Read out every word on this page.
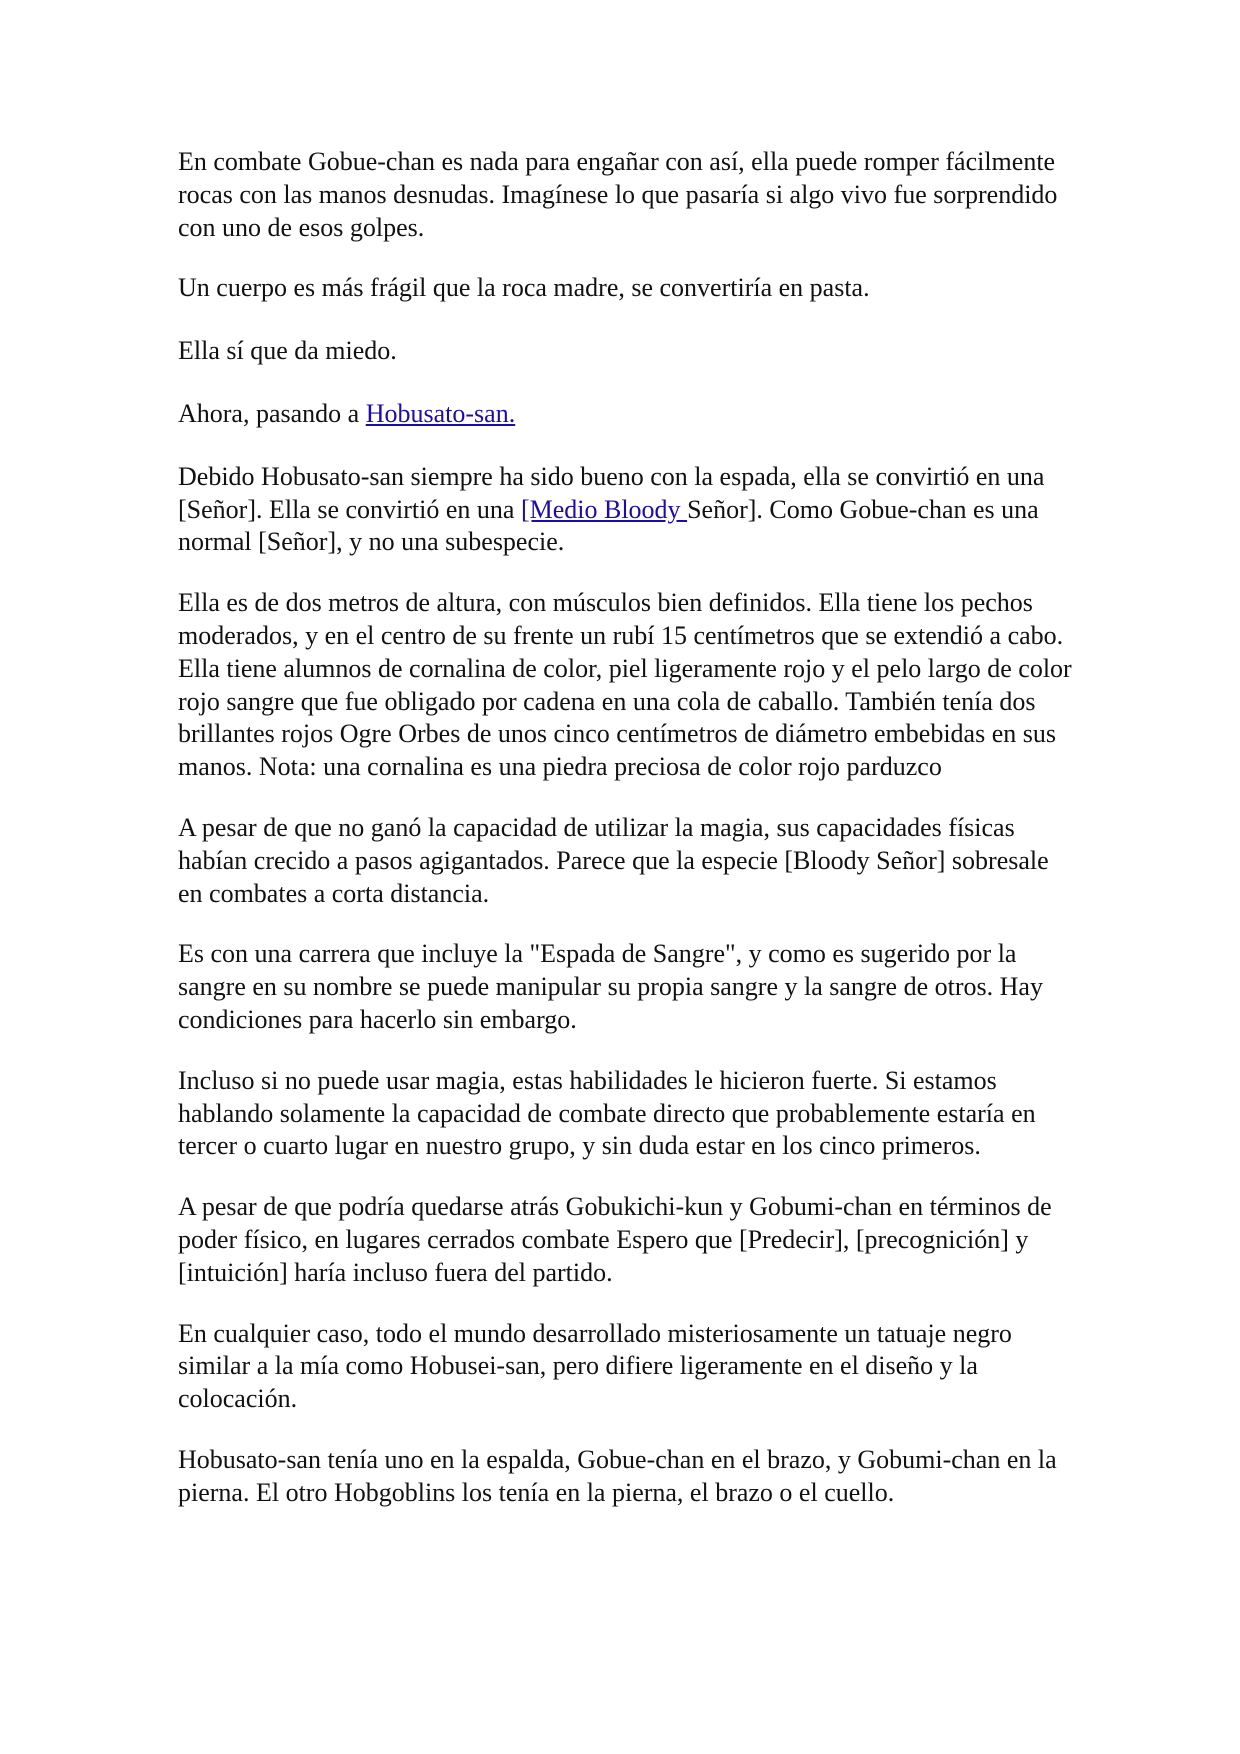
En combate Gobue-chan es nada para engañar con así, ella puede romper fácilmente rocas con las manos desnudas. Imagínese lo que pasaría si algo vivo fue sorprendido con uno de esos golpes.

Un cuerpo es más frágil que la roca madre, se convertiría en pasta.

Ella sí que da miedo.

Ahora, pasando a Hobusato-san.

Debido Hobusato-san siempre ha sido bueno con la espada, ella se convirtió en una [Señor]. Ella se convirtió en una [Medio Bloody Señor]. Como Gobue-chan es una normal [Señor], y no una subespecie.

Ella es de dos metros de altura, con músculos bien definidos. Ella tiene los pechos moderados, y en el centro de su frente un rubí 15 centímetros que se extendió a cabo. Ella tiene alumnos de cornalina de color, piel ligeramente rojo y el pelo largo de color rojo sangre que fue obligado por cadena en una cola de caballo. También tenía dos brillantes rojos Ogre Orbes de unos cinco centímetros de diámetro embebidas en sus manos. Nota: una cornalina es una piedra preciosa de color rojo parduzco

A pesar de que no ganó la capacidad de utilizar la magia, sus capacidades físicas habían crecido a pasos agigantados. Parece que la especie [Bloody Señor] sobresale en combates a corta distancia.

Es con una carrera que incluye la "Espada de Sangre", y como es sugerido por la sangre en su nombre se puede manipular su propia sangre y la sangre de otros. Hay condiciones para hacerlo sin embargo.

Incluso si no puede usar magia, estas habilidades le hicieron fuerte. Si estamos hablando solamente la capacidad de combate directo que probablemente estaría en tercer o cuarto lugar en nuestro grupo, y sin duda estar en los cinco primeros.

A pesar de que podría quedarse atrás Gobukichi-kun y Gobumi-chan en términos de poder físico, en lugares cerrados combate Espero que [Predecir], [precognición] y [intuición] haría incluso fuera del partido.

En cualquier caso, todo el mundo desarrollado misteriosamente un tatuaje negro similar a la mía como Hobusei-san, pero difiere ligeramente en el diseño y la colocación.

Hobusato-san tenía uno en la espalda, Gobue-chan en el brazo, y Gobumi-chan en la pierna. El otro Hobgoblins los tenía en la pierna, el brazo o el cuello.
